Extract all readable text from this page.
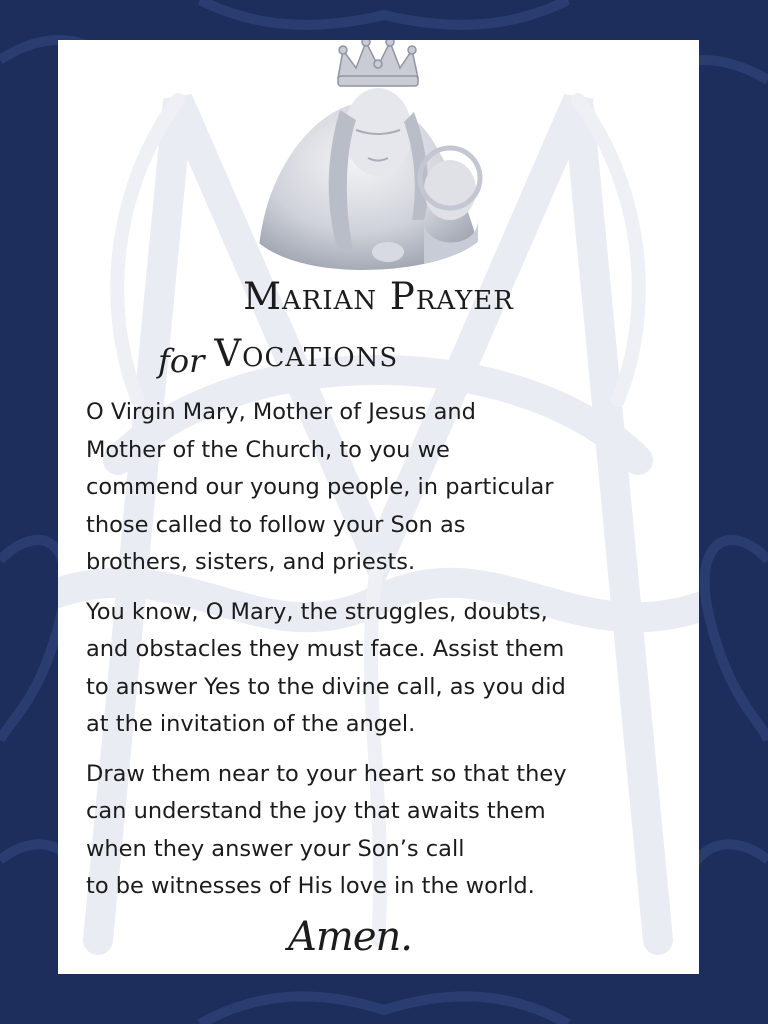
Marian Prayer
for Vocations
O Virgin Mary, Mother of Jesus and
Mother of the Church, to you we
commend our young people, in particular
those called to follow your Son as
brothers, sisters, and priests.
You know, O Mary, the struggles, doubts,
and obstacles they must face. Assist them
to answer Yes to the divine call, as you did
at the invitation of the angel.
Draw them near to your heart so that they
can understand the joy that awaits them
when they answer your Son’s call
to be witnesses of His love in the world.
Amen.
